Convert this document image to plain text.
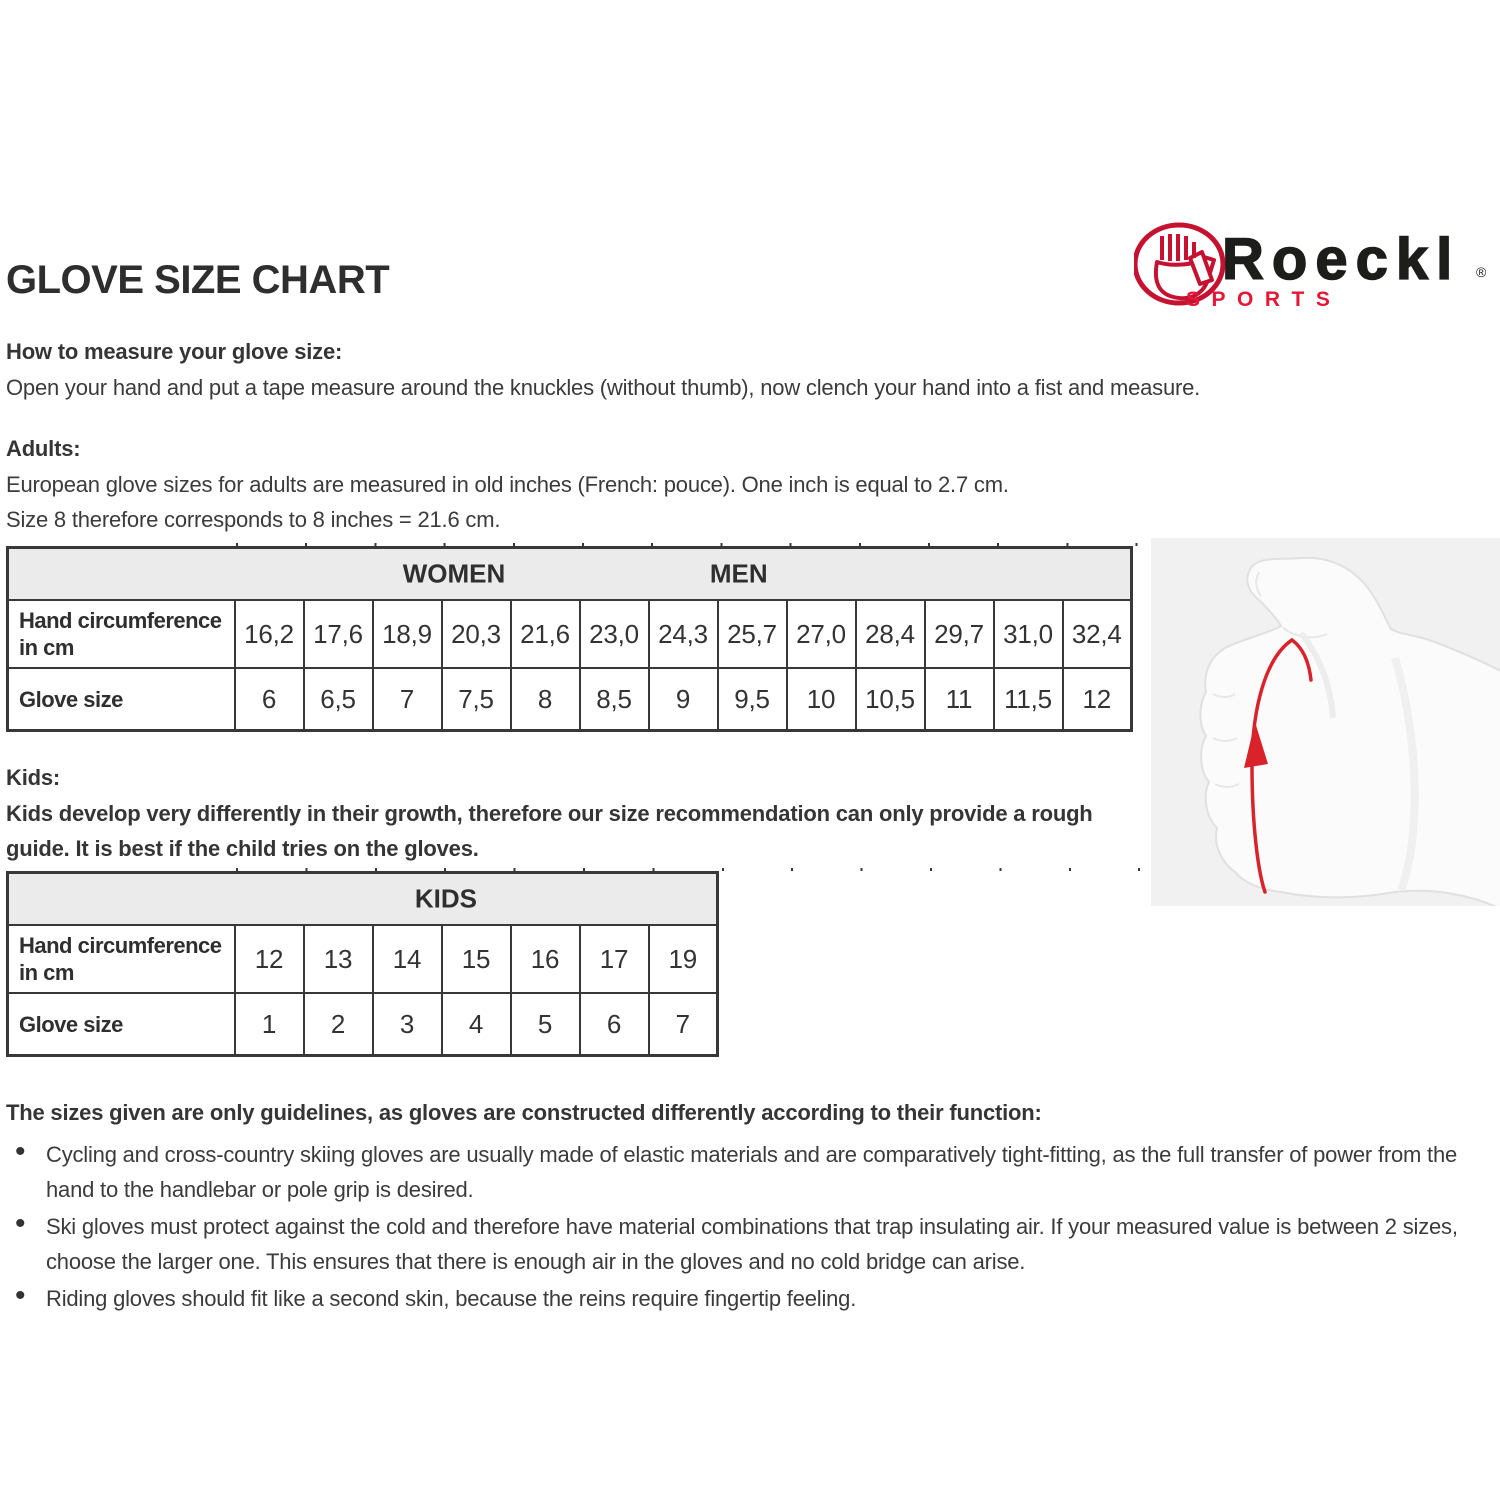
GLOVE SIZE CHART	Roeckl ®
SPORTS
How to measure your glove size:
Open your hand and put a tape measure around the knuckles (without thumb), now clench your hand into a fist and measure.
Adults:
European glove sizes for adults are measured in old inches (French: pouce). One inch is equal to 2.7 cm.
Size 8 therefore corresponds to 8 inches = 21.6 cm.
WOMEN MEN													

Hand circumference in cm	16,2	17,6	18,9	20,3	21,6	23,0	24,3	25,7	27,0	28,4	29,7	31,0	32,4
Glove size	6	6,5	7	7,5	8	8,5	9	9,5	10	10,5	11	11,5	12
Kids:
Kids develop very differently in their growth, therefore our size recommendation can only provide a rough guide. It is best if the child tries on the gloves.
KIDS							

Hand circumference in cm	12	13	14	15	16	17	19
Glove size	1	2	3	4	5	6	7
The sizes given are only guidelines, as gloves are constructed differently according to their function:
• Cycling and cross-country skiing gloves are usually made of elastic materials and are comparatively tight-fitting, as the full transfer of power from the hand to the handlebar or pole grip is desired.
• Ski gloves must protect against the cold and therefore have material combinations that trap insulating air. If your measured value is between 2 sizes, choose the larger one. This ensures that there is enough air in the gloves and no cold bridge can arise.
• Riding gloves should fit like a second skin, because the reins require fingertip feeling.
